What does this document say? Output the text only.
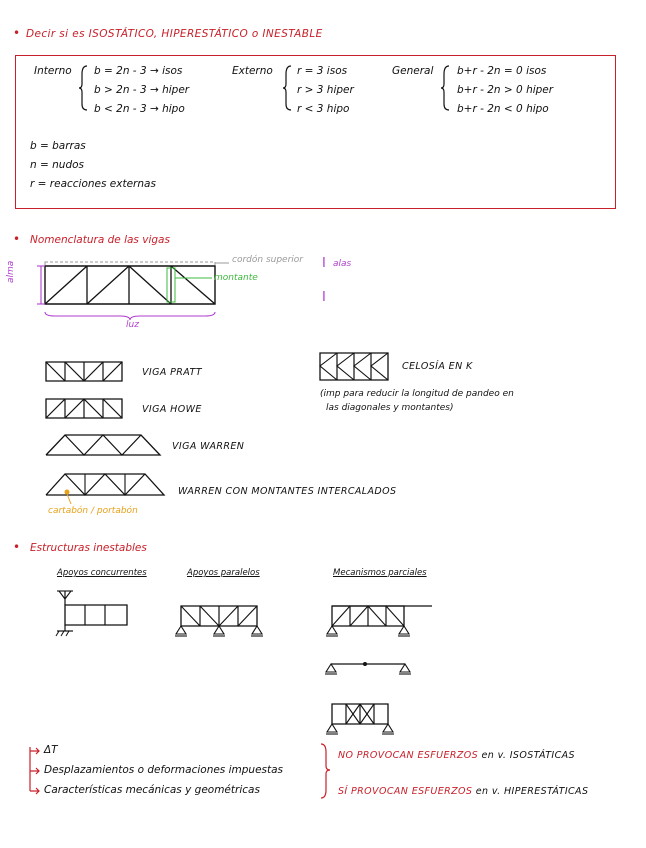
• Decir si es ISOSTÁTICO, HIPERESTÁTICO o INESTABLE
Interno b = 2n - 3 → isos
b > 2n - 3 → hiper
b < 2n - 3 → hipo
Externo r = 3 isos
r > 3 hiper
r < 3 hipo
General b+r - 2n = 0 isos
b+r - 2n > 0 hiper
b+r - 2n < 0 hipo
b = barras
n = nudos
r = reacciones externas
• Nomenclatura de las vigas
cordón superior
montante
alma
luz
I alas
I
VIGA PRATT
VIGA HOWE
VIGA WARREN
WARREN CON MONTANTES INTERCALADOS
cartabón / portabón
CELOSÍA EN K
(imp para reducir la longitud de pandeo en
las diagonales y montantes)
• Estructuras inestables
Apoyos concurrentes	Apoyos paralelos	Mecanismos parciales
ΔT
Desplazamientos o deformaciones impuestas
Características mecánicas y geométricas
NO PROVOCAN ESFUERZOS en v. ISOSTÁTICAS
SÍ PROVOCAN ESFUERZOS en v. HIPERESTÁTICAS
